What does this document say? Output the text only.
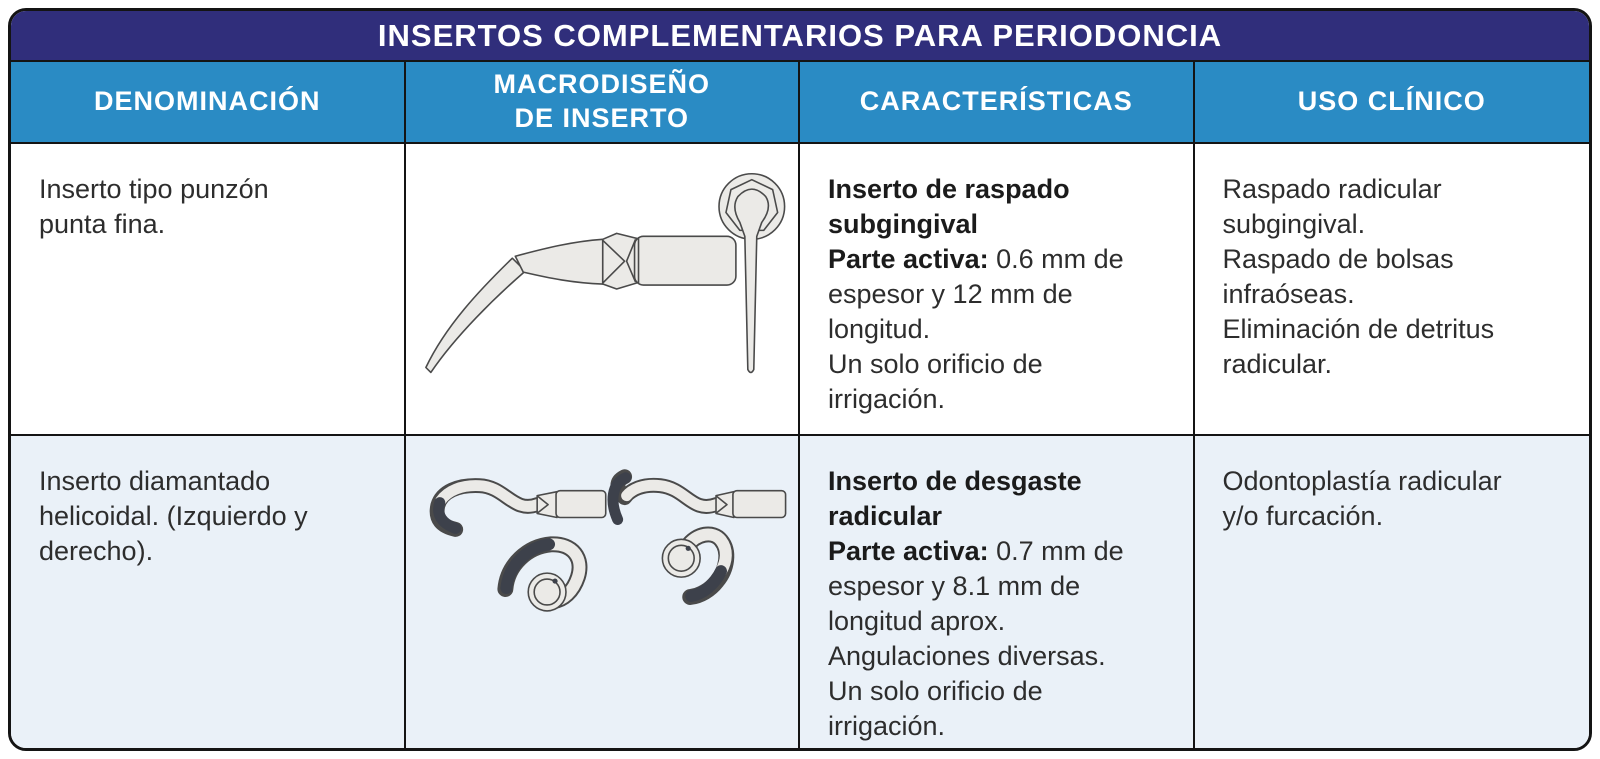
INSERTOS COMPLEMENTARIOS PARA PERIODONCIA
DENOMINACIÓN
MACRODISEÑO
DE INSERTO
CARACTERÍSTICAS	USO CLÍNICO
Inserto tipo punzón
punta fina.
Inserto de raspado
subgingival
Parte activa: 0.6 mm de
espesor y 12 mm de
longitud.
Un solo orificio de
irrigación.
Raspado radicular
subgingival.
Raspado de bolsas
infraóseas.
Eliminación de detritus
radicular.
Inserto diamantado
helicoidal. (Izquierdo y
derecho).
Inserto de desgaste
radicular
Parte activa: 0.7 mm de
espesor y 8.1 mm de
longitud aprox.
Angulaciones diversas.
Un solo orificio de
irrigación.
Odontoplastía radicular
y/o furcación.
